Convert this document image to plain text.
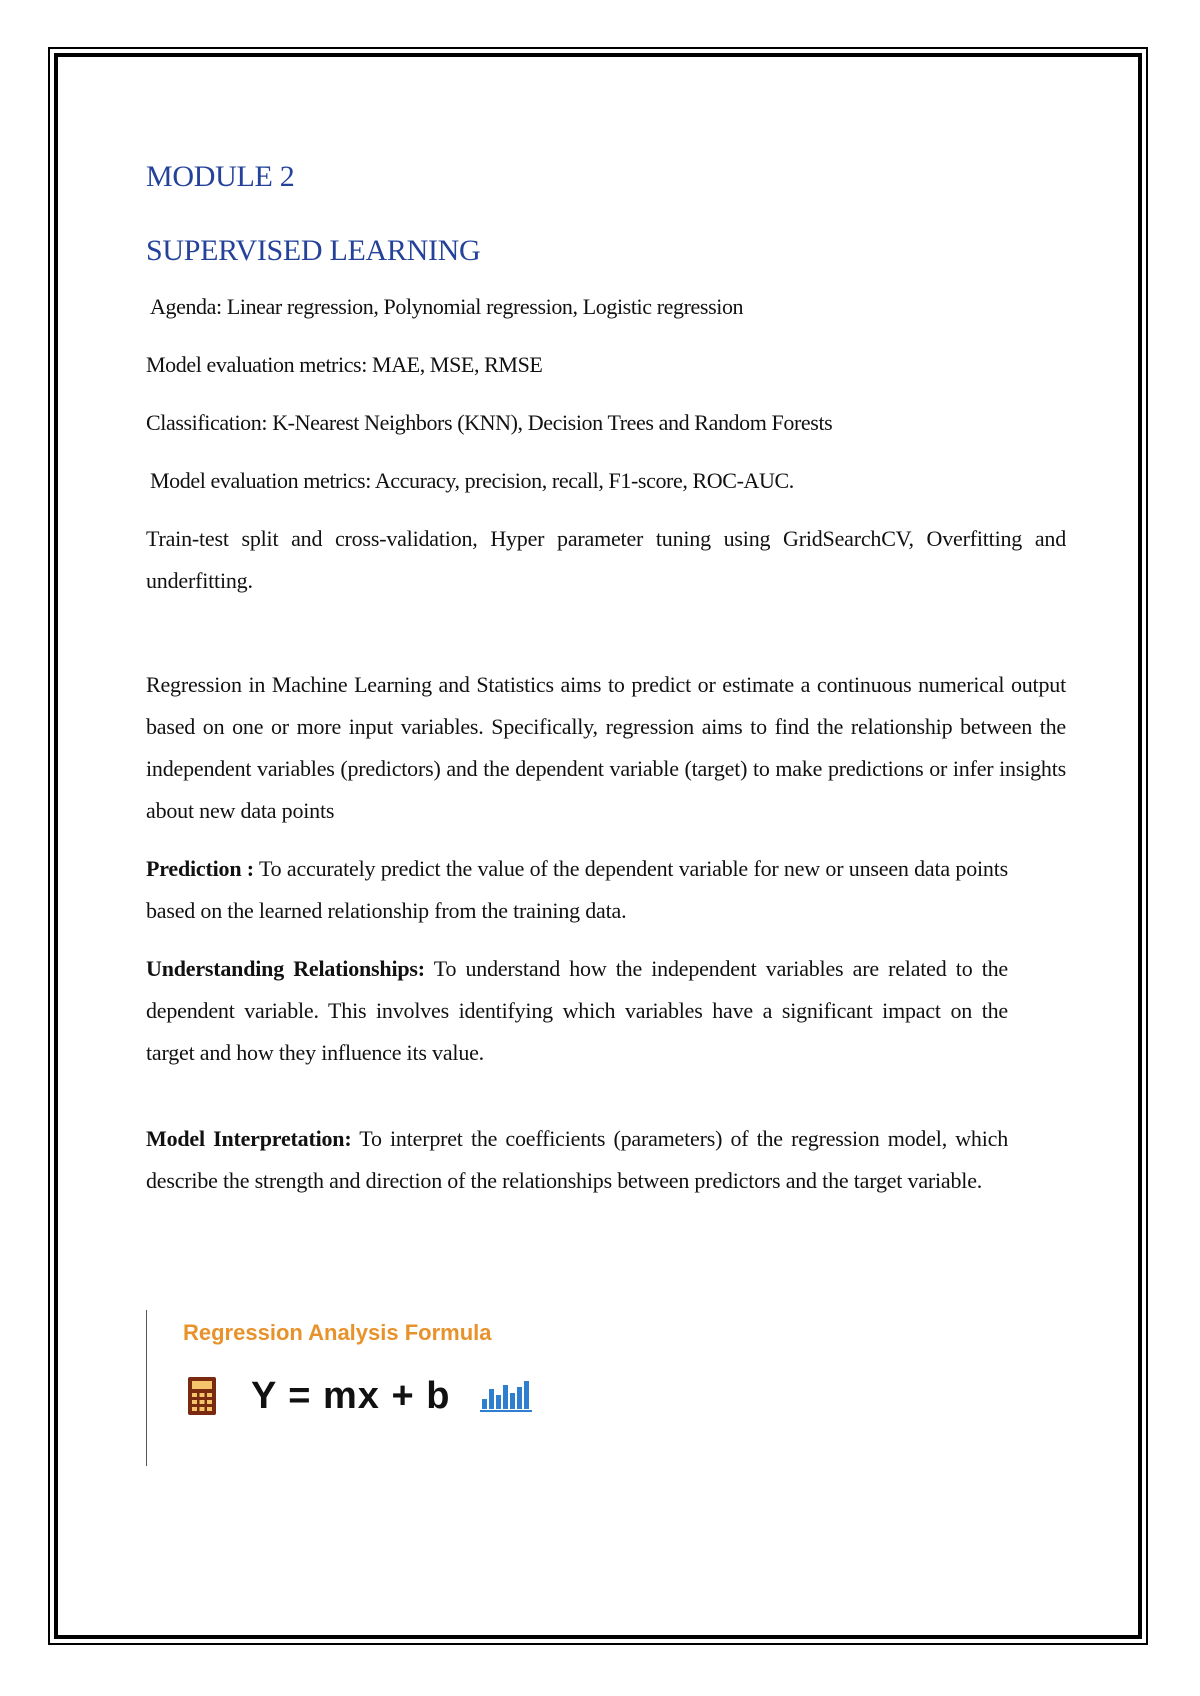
MODULE 2
SUPERVISED LEARNING

Agenda: Linear regression, Polynomial regression, Logistic regression

Model evaluation metrics: MAE, MSE, RMSE

Classification: K-Nearest Neighbors (KNN), Decision Trees and Random Forests

Model evaluation metrics: Accuracy, precision, recall, F1-score, ROC-AUC.

Train-test split and cross-validation, Hyper parameter tuning using GridSearchCV, Overfitting and underfitting.

Regression in Machine Learning and Statistics aims to predict or estimate a continuous numerical output based on one or more input variables. Specifically, regression aims to find the relationship between the independent variables (predictors) and the dependent variable (target) to make predictions or infer insights about new data points

Prediction : To accurately predict the value of the dependent variable for new or unseen data points based on the learned relationship from the training data.

Understanding Relationships: To understand how the independent variables are related to the dependent variable. This involves identifying which variables have a significant impact on the target and how they influence its value.

Model Interpretation: To interpret the coefficients (parameters) of the regression model, which describe the strength and direction of the relationships between predictors and the target variable.

Regression Analysis Formula
Y = mx + b
